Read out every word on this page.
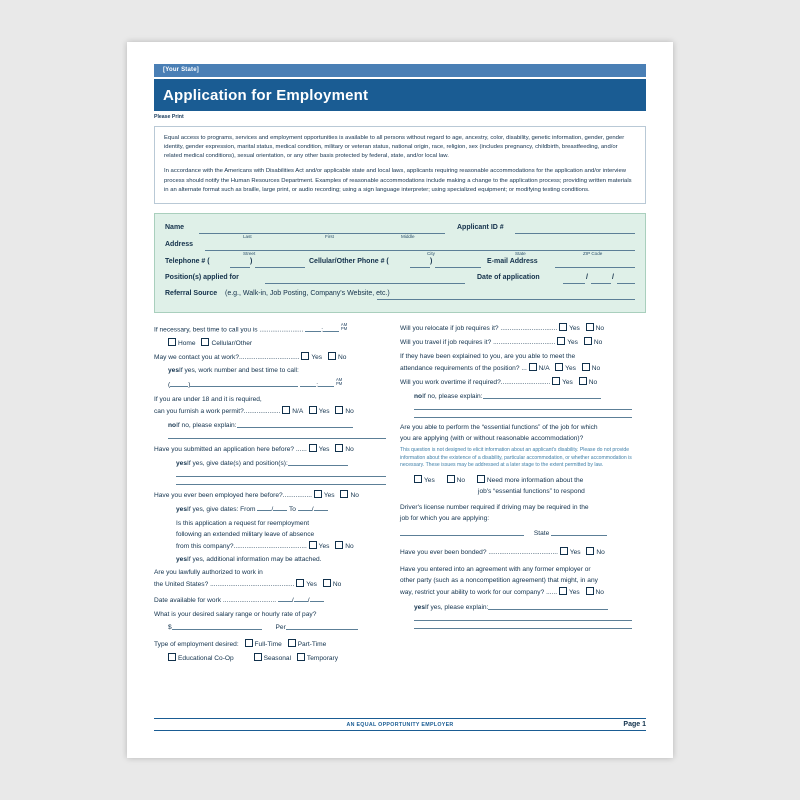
[Your State]
Application for Employment
Please Print

Equal access to programs, services and employment opportunities is available to all persons without regard to age, ancestry, color, disability, genetic information, gender, gender identity, gender expression, marital status, medical condition, military or veteran status, national origin, race, religion, sex (includes pregnancy, childbirth, breastfeeding, and/or related medical conditions), sexual orientation, or any other basis protected by federal, state, and/or local law.

In accordance with the Americans with Disabilities Act and/or applicable state and local laws, applicants requiring reasonable accommodations for the application and/or interview process should notify the Human Resources Department. Examples of reasonable accommodations include making a change to the application process; providing written materials in an alternate format such as braille, large print, or audio recording; using a sign language interpreter; using specialized equipment; or modifying testing conditions.

Name
Last	First	Middle
Applicant ID #
Address
Street	City	State	ZIP Code
Telephone # (	)	Cellular/Other Phone # (	)	E-mail Address
Position(s) applied for	Date of application	/	/
Referral Source (e.g., Walk-in, Job Posting, Company's Website, etc.)
If necessary, best time to call you is ........................	: AM
PM
Home Cellular/Other
May we contact you at work?................................. Yes No
yesIf yes, work number and best time to call:
(	)	: AM
PM
If you are under 18 and it is required,
can you furnish a work permit?.................... N/A Yes No
noIf no, please explain:
Have you submitted an application here before? ...... Yes No
yesIf yes, give date(s) and position(s):
Have you ever been employed here before?................ Yes No
yesIf yes, give dates: From / To /
Is this application a request for reemployment
following an extended military leave of absence
from this company?........................................ Yes No
yesIf yes, additional information may be attached.
Are you lawfully authorized to work in
the United States? .............................................. Yes No
Date available for work ............................. / /
What is your desired salary range or hourly rate of pay?
$	Per
Type of employment desired: Full-Time Part-Time
Educational Co-Op	Seasonal Temporary
Will you relocate if job requires it? ............................... Yes No
Will you travel if job requires it? .................................. Yes No
If they have been explained to you, are you able to meet the
attendance requirements of the position? ... N/A Yes No
Will you work overtime if required?........................... Yes No
noIf no, please explain:
Are you able to perform the “essential functions” of the job for which
you are applying (with or without reasonable accommodation)?
This question is not designed to elicit information about an applicant's disability. Please do not provide information about the existence of a disability, particular accommodation, or whether accommodation is necessary. These issues may be addressed at a later stage to the extent permitted by law.
Yes	No	Need more information about the
job's “essential functions” to respond
Driver's license number required if driving may be required in the
job for which you are applying:
State
Have you ever been bonded? ...................................... Yes No
Have you entered into an agreement with any former employer or
other party (such as a noncompetition agreement) that might, in any
way, restrict your ability to work for our company? ...... Yes No
yesIf yes, please explain:
AN EQUAL OPPORTUNITY EMPLOYER	Page 1
